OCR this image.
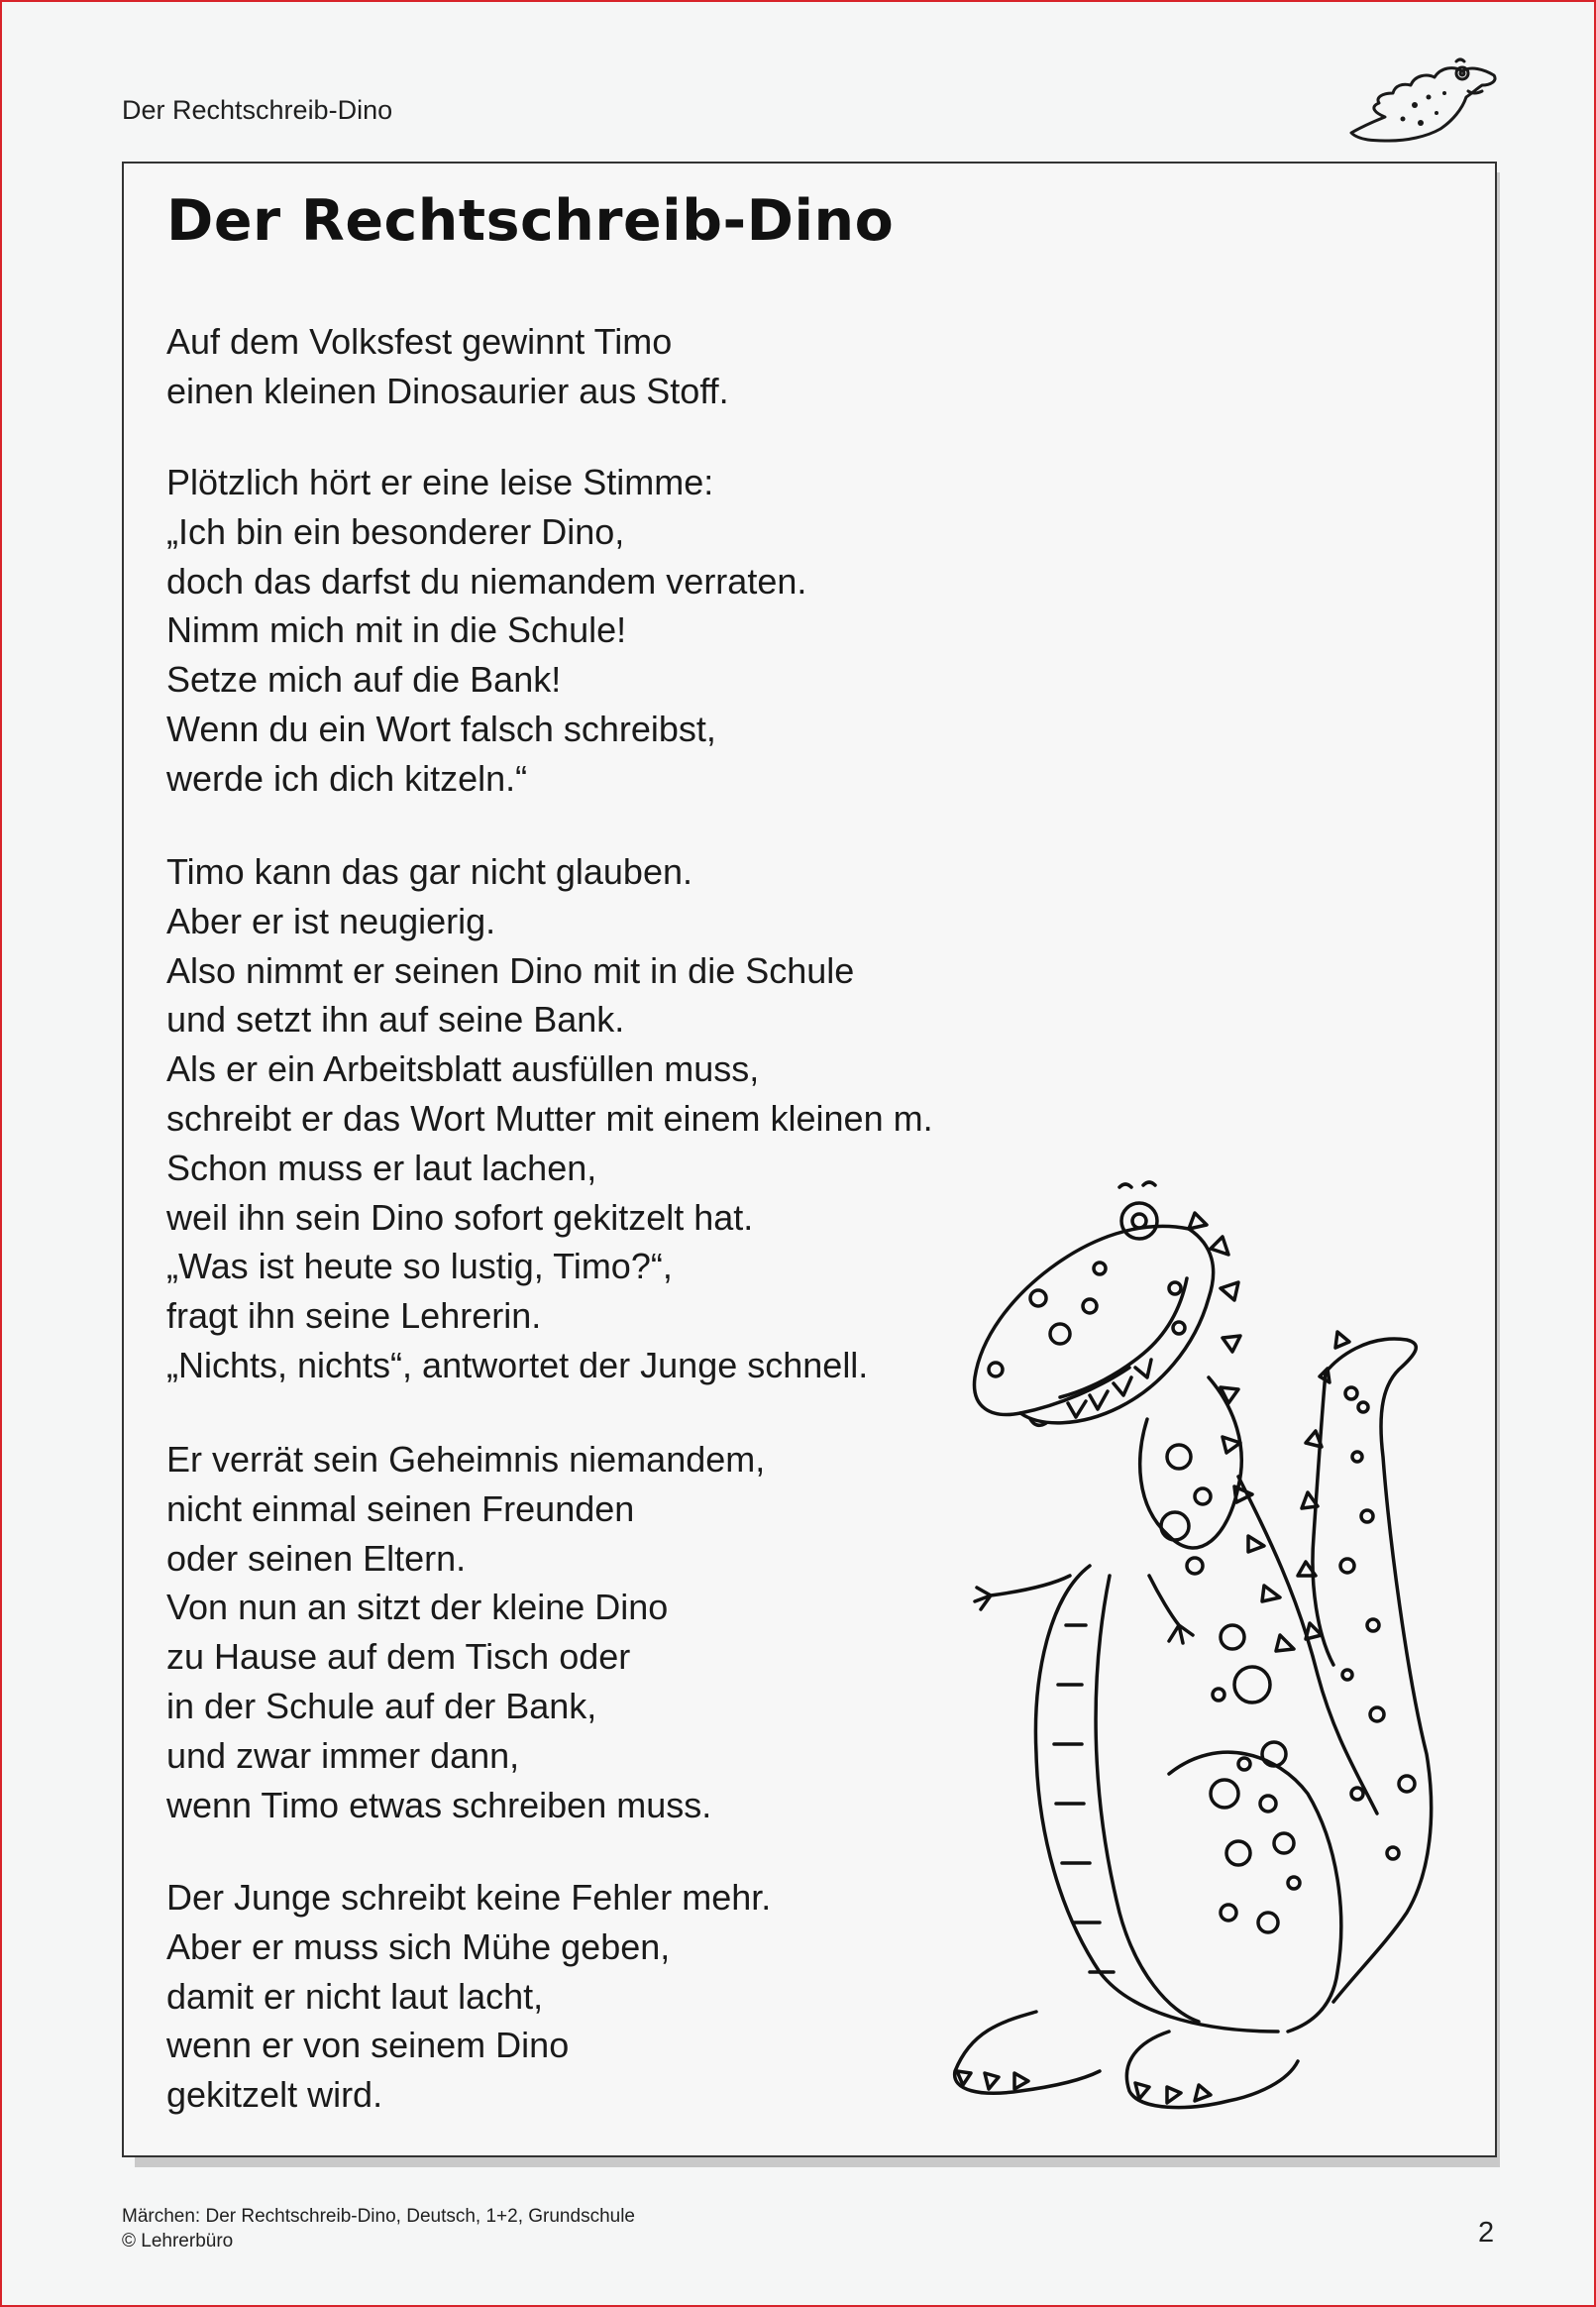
Der Rechtschreib-Dino
Der Rechtschreib-Dino
Auf dem Volksfest gewinnt Timo
einen kleinen Dinosaurier aus Stoff.
Plötzlich hört er eine leise Stimme:
„Ich bin ein besonderer Dino,
doch das darfst du niemandem verraten.
Nimm mich mit in die Schule!
Setze mich auf die Bank!
Wenn du ein Wort falsch schreibst,
werde ich dich kitzeln.“
Timo kann das gar nicht glauben.
Aber er ist neugierig.
Also nimmt er seinen Dino mit in die Schule
und setzt ihn auf seine Bank.
Als er ein Arbeitsblatt ausfüllen muss,
schreibt er das Wort Mutter mit einem kleinen m.
Schon muss er laut lachen,
weil ihn sein Dino sofort gekitzelt hat.
„Was ist heute so lustig, Timo?“,
fragt ihn seine Lehrerin.
„Nichts, nichts“, antwortet der Junge schnell.
Er verrät sein Geheimnis niemandem,
nicht einmal seinen Freunden
oder seinen Eltern.
Von nun an sitzt der kleine Dino
zu Hause auf dem Tisch oder
in der Schule auf der Bank,
und zwar immer dann,
wenn Timo etwas schreiben muss.
Der Junge schreibt keine Fehler mehr.
Aber er muss sich Mühe geben,
damit er nicht laut lacht,
wenn er von seinem Dino
gekitzelt wird.
Märchen: Der Rechtschreib-Dino, Deutsch, 1+2, Grundschule
© Lehrerbüro	2
